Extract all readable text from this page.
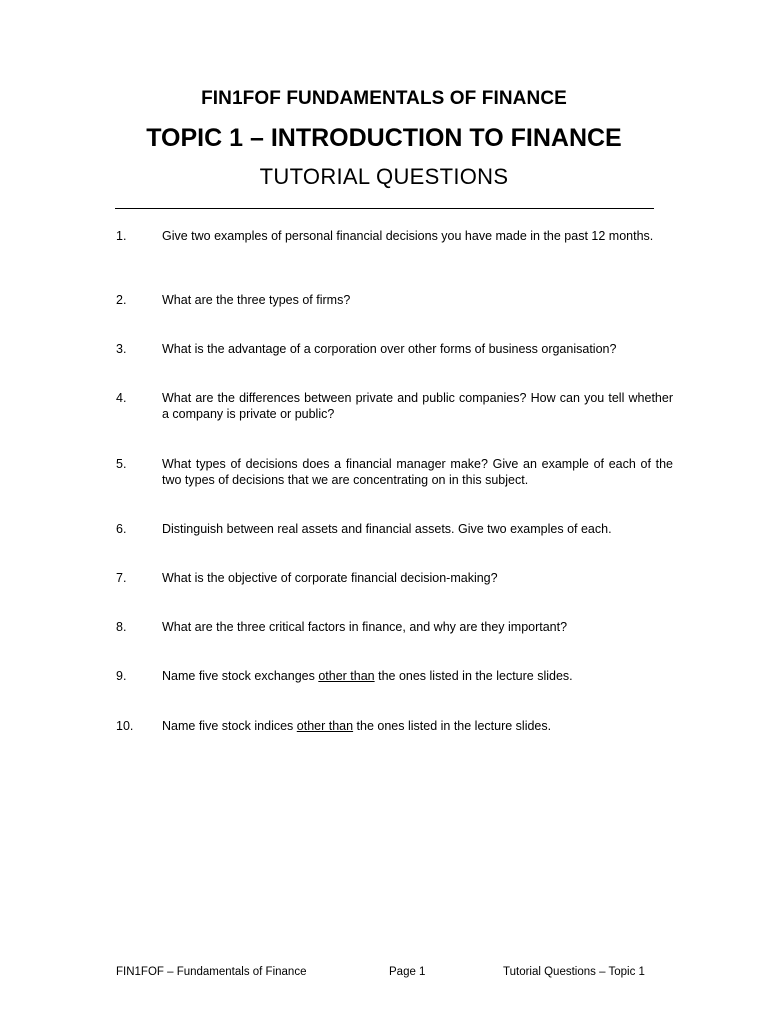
FIN1FOF FUNDAMENTALS OF FINANCE
TOPIC 1 – INTRODUCTION TO FINANCE
TUTORIAL QUESTIONS
1.	Give two examples of personal financial decisions you have made in the past 12 months.
2.	What are the three types of firms?
3.	What is the advantage of a corporation over other forms of business organisation?
4.	What are the differences between private and public companies? How can you tell whether a company is private or public?
5.	What types of decisions does a financial manager make? Give an example of each of the two types of decisions that we are concentrating on in this subject.
6.	Distinguish between real assets and financial assets. Give two examples of each.
7.	What is the objective of corporate financial decision-making?
8.	What are the three critical factors in finance, and why are they important?
9.	Name five stock exchanges other than the ones listed in the lecture slides.
10. Name five stock indices other than the ones listed in the lecture slides.
FIN1FOF – Fundamentals of Finance	Page 1	Tutorial Questions – Topic 1
